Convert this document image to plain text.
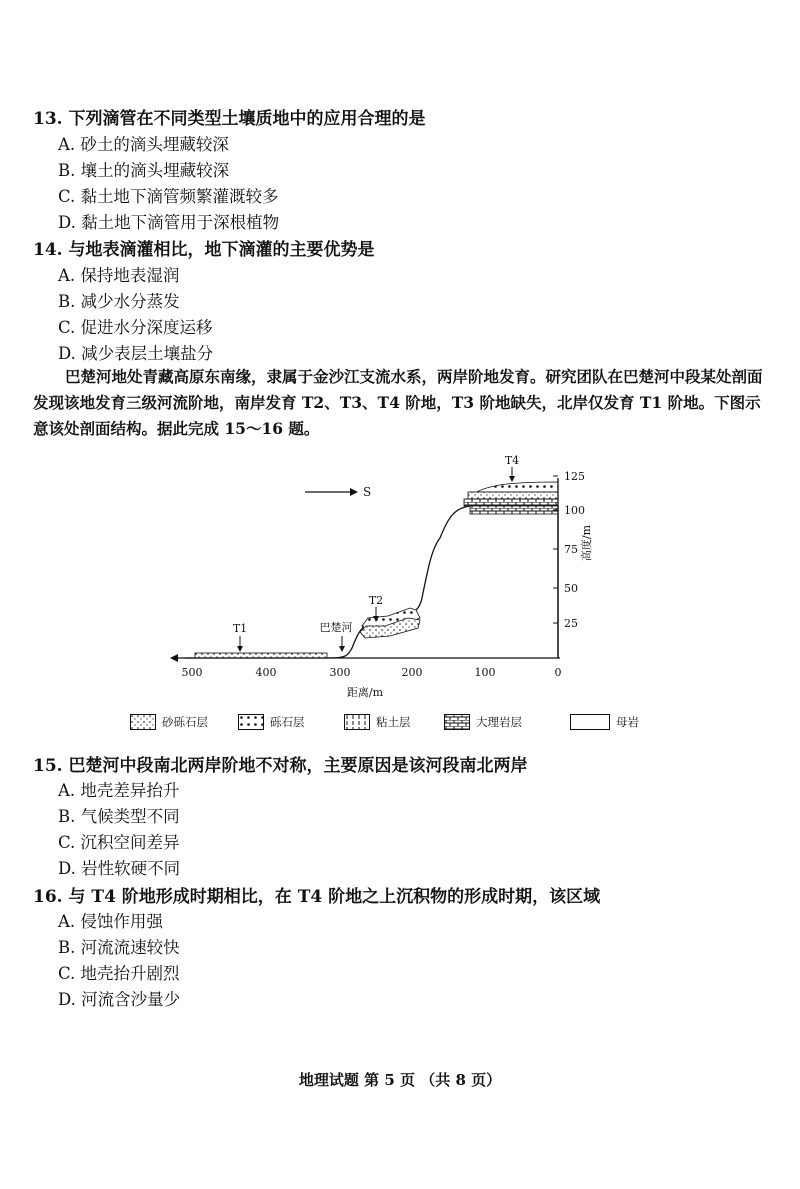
13. 下列滴管在不同类型土壤质地中的应用合理的是
A. 砂土的滴头埋藏较深
B. 壤土的滴头埋藏较深
C. 黏土地下滴管频繁灌溉较多
D. 黏土地下滴管用于深根植物
14. 与地表滴灌相比，地下滴灌的主要优势是
A. 保持地表湿润
B. 减少水分蒸发
C. 促进水分深度运移
D. 减少表层土壤盐分
巴楚河地处青藏高原东南缘，隶属于金沙江支流水系，两岸阶地发育。研究团队在巴楚河中段某处剖面发现该地发育三级河流阶地，南岸发育 T2、T3、T4 阶地，T3 阶地缺失，北岸仅发育 T1 阶地。下图示意该处剖面结构。据此完成 15～16 题。
S
500	400	300	200	100	0
距离/m
25
50
75
100
125
高度/m
T1
T2
T4
巴楚河
砂砾石层	砾石层	粘土层	大理岩层	母岩
15. 巴楚河中段南北两岸阶地不对称，主要原因是该河段南北两岸
A. 地壳差异抬升
B. 气候类型不同
C. 沉积空间差异
D. 岩性软硬不同
16. 与 T4 阶地形成时期相比，在 T4 阶地之上沉积物的形成时期，该区域
A. 侵蚀作用强
B. 河流流速较快
C. 地壳抬升剧烈
D. 河流含沙量少
地理试题 第 5 页 （共 8 页）
